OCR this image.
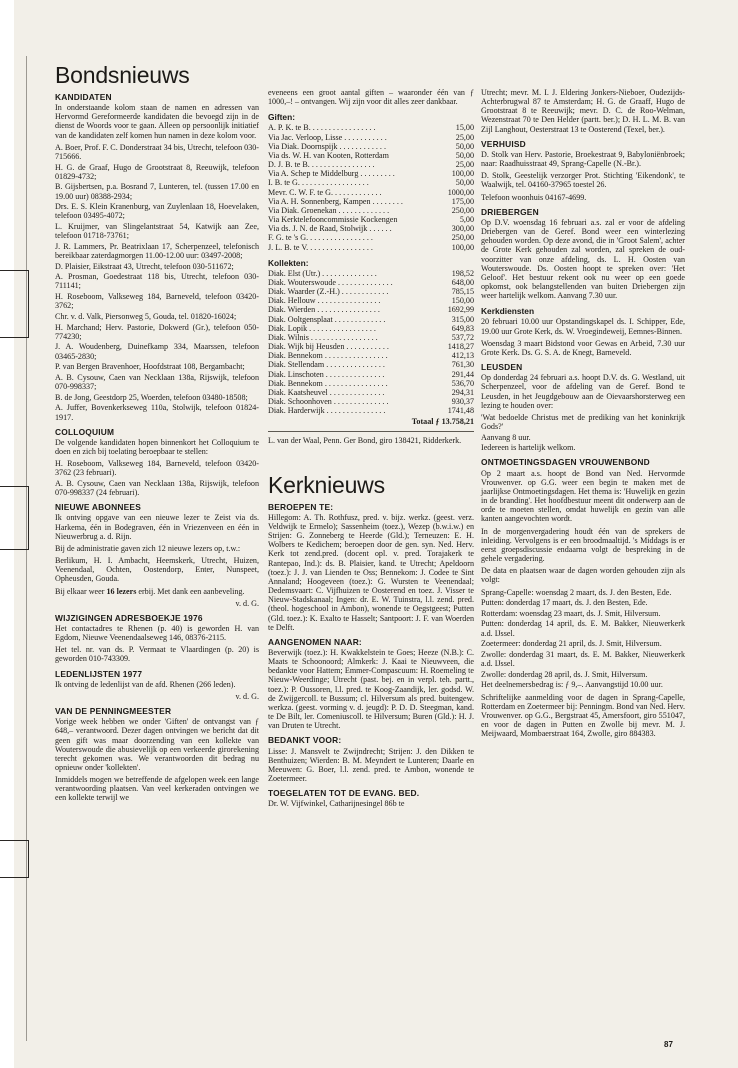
Bondsnieuws
KANDIDATEN

In onderstaande kolom staan de namen en adressen van Hervormd Gereformeerde kandidaten die bevoegd zijn in de dienst de Woords voor te gaan. Alleen op persoonlijk initiatief van de kandidaten zelf komen hun namen in deze kolom voor.

A. Boer, Prof. F. C. Donderstraat 34 bis, Utrecht, telefoon 030-715666.

H. G. de Graaf, Hugo de Grootstraat 8, Reeuwijk, telefoon 01829-4732;

B. Gijsbertsen, p.a. Bosrand 7, Lunteren, tel. (tussen 17.00 en 19.00 uur) 08388-2934;

Drs. E. S. Klein Kranenburg, van Zuylenlaan 18, Hoevelaken, telefoon 03495-4072;

L. Kruijmer, van Slingelantstraat 54, Katwijk aan Zee, telefoon 01718-73761;

J. R. Lammers, Pr. Beatrixlaan 17, Scherpenzeel, telefonisch bereikbaar zaterdagmorgen 11.00-12.00 uur: 03497-2008;

D. Plaisier, Eikstraat 43, Utrecht, telefoon 030-511672;

A. Prosman, Goedestraat 118 bis, Utrecht, telefoon 030-711141;

H. Roseboom, Valkseweg 184, Barneveld, telefoon 03420-3762;

Chr. v. d. Valk, Piersonweg 5, Gouda, tel. 01820-16024;

H. Marchand; Herv. Pastorie, Dokwerd (Gr.), telefoon 050-774230;

J. A. Woudenberg, Duinefkamp 334, Maarssen, telefoon 03465-2830;

P. van Bergen Bravenhoer, Hoofdstraat 108, Bergambacht;

A. B. Cysouw, Caen van Necklaan 138a, Rijswijk, telefoon 070-998337;

B. de Jong, Geestdorp 25, Woerden, telefoon 03480-18508;

A. Juffer, Bovenkerkseweg 110a, Stolwijk, telefoon 01824-1917.

COLLOQUIUM

De volgende kandidaten hopen binnenkort het Colloquium te doen en zich bij toelating beroepbaar te stellen:

H. Roseboom, Valkseweg 184, Barneveld, telefoon 03420-3762 (23 februari).

A. B. Cysouw, Caen van Necklaan 138a, Rijswijk, telefoon 070-998337 (24 februari).

NIEUWE ABONNEES

Ik ontving opgave van een nieuwe lezer te Zeist via ds. Harkema, één in Bodegraven, één in Vriezenveen en één in Nieuwerbrug a. d. Rijn.

Bij de administratie gaven zich 12 nieuwe lezers op, t.w.:

Berlikum, H. I. Ambacht, Heemskerk, Utrecht, Huizen, Veenendaal, Ochten, Oostendorp, Enter, Nunspeet, Opheusden, Gouda.

Bij elkaar weer 16 lezers erbij. Met dank een aanbeveling.

v. d. G.
WIJZIGINGEN ADRESBOEKJE 1976

Het contactadres te Rhenen (p. 40) is geworden H. van Egdom, Nieuwe Veenendaalseweg 146, 08376-2115.

Het tel. nr. van ds. P. Vermaat te Vlaardingen (p. 20) is geworden 010-743309.

LEDENLIJSTEN 1977

Ik ontving de ledenlijst van de afd. Rhenen (266 leden).

v. d. G.
VAN DE PENNINGMEESTER

Vorige week hebben we onder 'Giften' de ontvangst van ƒ 648,– verantwoord. Dezer dagen ontvingen we bericht dat dit geen gift was maar doorzending van een kollekte van Wouterswoude die abusievelijk op een verkeerde girorekening terecht gekomen was. We verantwoorden dit bedrag nu opnieuw onder 'kollekten'.

Inmiddels mogen we betreffende de afgelopen week een lange verantwoording plaatsen. Van veel kerkeraden ontvingen we een kollekte terwijl we

eveneens een groot aantal giften – waaronder één van ƒ 1000,–! – ontvangen. Wij zijn voor dit alles zeer dankbaar.

Giften:
A. P. K. te B. . . . . . . . . . . . . . . . .	15,00
Via Jac. Verloop, Lisse . . . . . . . . . . .	25,00
Via Diak. Doornspijk . . . . . . . . . . . .	50,00
Via ds. W. H. van Kooten, Rotterdam	50,00
D. J. B. te B. . . . . . . . . . . . . . . . .	25,00
Via A. Schep te Middelburg . . . . . . . . .	100,00
I. B. te G. . . . . . . . . . . . . . . . . .	50,00
Mevr. C. W. F. te G. . . . . . . . . . . . .	1000,00
Via A. H. Sonnenberg, Kampen . . . . . . . .	175,00
Via Diak. Groenekan . . . . . . . . . . . . .	250,00
Via Kerktelefooncommissie Kockengen	5,00
Via ds. J. N. de Raad, Stolwijk . . . . . .	300,00
F. G. te 's G. . . . . . . . . . . . . . . . .	250,00
J. L. B. te V. . . . . . . . . . . . . . . . .	100,00
Kollekten:
Diak. Elst (Utr.) . . . . . . . . . . . . . .	198,52
Diak. Wouterswoude . . . . . . . . . . . . . .	648,00
Diak. Waarder (Z.-H.) . . . . . . . . . . . .	785,15
Diak. Hellouw . . . . . . . . . . . . . . . .	150,00
Diak. Wierden . . . . . . . . . . . . . . . .	1692,99
Diak. Ooltgensplaat . . . . . . . . . . . . .	315,00
Diak. Lopik . . . . . . . . . . . . . . . . .	649,83
Diak. Wilnis . . . . . . . . . . . . . . . . .	537,72
Diak. Wijk bij Heusden . . . . . . . . . . .	1418,27
Diak. Bennekom . . . . . . . . . . . . . . . .	412,13
Diak. Stellendam . . . . . . . . . . . . . . .	761,30
Diak. Linschoten . . . . . . . . . . . . . . .	291,44
Diak. Bennekom . . . . . . . . . . . . . . . .	536,70
Diak. Kaatsheuvel . . . . . . . . . . . . . .	294,31
Diak. Schoonhoven . . . . . . . . . . . . . .	930,37
Diak. Harderwijk . . . . . . . . . . . . . . .	1741,48
Totaal ƒ 13.758,21

L. van der Waal, Penn. Ger Bond, giro 138421, Ridderkerk.

Kerknieuws
BEROEPEN TE:

Hillegom: A. Th. Rothfusz, pred. v. bijz. werkz. (geest. verz. Veldwijk te Ermelo); Sassenheim (toez.), Wezep (b.w.i.w.) en Strijen: G. Zonneberg te Heerde (Gld.); Terneuzen: E. H. Wolbers te Kedichem; beroepen door de gen. syn. Ned. Herv. Kerk tot zend.pred. (docent opl. v. pred. Torajakerk te Rantepao, Ind.): ds. B. Plaisier, kand. te Utrecht; Apeldoorn (toez.): J. J. van Lienden te Oss; Bennekom: J. Codee te Sint Annaland; Hoogeveen (toez.): G. Wursten te Veenendaal; Dedemsvaart: C. Vijfhuizen te Oosterend en toez. J. Visser te Nieuw-Stadskanaal; Ingen: dr. E. W. Tuinstra, l.l. zend. pred. (theol. hogeschool in Ambon), wonende te Oegstgeest; Putten (Gld. toez.): K. Exalto te Hasselt; Santpoort: J. F. van Woerden te Delft.

AANGENOMEN NAAR:

Beverwijk (toez.): H. Kwakkelstein te Goes; Heeze (N.B.): C. Maats te Schoonoord; Almkerk: J. Kaai te Nieuwveen, die bedankte voor Hattem; Emmer-Compascuum: H. Roemeling te Nieuw-Weerdinge; Utrecht (past. bej. en in verpl. teh. partt., toez.): P. Oussoren, l.l. pred. te Koog-Zaandijk, ler. godsd. W. de Zwijgercoll. te Bussum; cl. Hilversum als pred. buitengew. werkza. (geest. vorming v. d. jeugd): P. D. D. Steegman, kand. te De Bilt, ler. Comeniuscoll. te Hilversum; Buren (Gld.): H. J. van Druten te Utrecht.

BEDANKT VOOR:

Lisse: J. Mansvelt te Zwijndrecht; Strijen: J. den Dikken te Benthuizen; Wierden: B. M. Meyndert te Lunteren; Daarle en Meeuwen: G. Boer, l.l. zend. pred. te Ambon, wonende te Zoetermeer.

TOEGELATEN TOT DE EVANG. BED.

Dr. W. Vijfwinkel, Catharijnesingel 86b te

Utrecht; mevr. M. I. J. Eldering Jonkers-Nieboer, Oudezijds-Achterbrugwal 87 te Amsterdam; H. G. de Graaff, Hugo de Grootstraat 8 te Reeuwijk; mevr. D. C. de Roo-Welman, Wezenstraat 70 te Den Helder (partt. ber.); D. H. L. M. B. van Zijl Langhout, Oesterstraat 13 te Oosterend (Texel, ber.).

VERHUISD

D. Stolk van Herv. Pastorie, Broekestraat 9, Babyloniënbroek; naar: Raadhuisstraat 49, Sprang-Capelle (N.-Br.).

D. Stolk, Geestelijk verzorger Prot. Stichting 'Eikendonk', te Waalwijk, tel. 04160-37965 toestel 26.

Telefoon woonhuis 04167-4699.

DRIEBERGEN

Op D.V. woensdag 16 februari a.s. zal er voor de afdeling Driebergen van de Geref. Bond weer een winterlezing gehouden worden. Op deze avond, die in 'Groot Salem', achter de Grote Kerk gehouden zal worden, zal spreken de oud-voorzitter van onze afdeling, ds. L. H. Oosten van Wouterswoude. Ds. Oosten hoopt te spreken over: 'Het Geloof'. Het bestuur rekent ook nu weer op een goede opkomst, ook belangstellenden van buiten Driebergen zijn weer hartelijk welkom. Aanvang 7.30 uur.

Kerkdiensten

20 februari 10.00 uur Opstandingskapel ds. I. Schipper, Ede, 19.00 uur Grote Kerk, ds. W. Vroegindeweij, Eemnes-Binnen.

Woensdag 3 maart Bidstond voor Gewas en Arbeid, 7.30 uur Grote Kerk. Ds. G. S. A. de Knegt, Barneveld.

LEUSDEN

Op donderdag 24 februari a.s. hoopt D.V. ds. G. Westland, uit Scherpenzeel, voor de afdeling van de Geref. Bond te Leusden, in het Jeugdgebouw aan de Oievaarshorsterweg een lezing te houden over:

'Wat bedoelde Christus met de prediking van het koninkrijk Gods?'

Aanvang 8 uur.

Iedereen is hartelijk welkom.

ONTMOETINGSDAGEN VROUWENBOND

Op 2 maart a.s. hoopt de Bond van Ned. Hervormde Vrouwenver. op G.G. weer een begin te maken met de jaarlijkse Ontmoetingsdagen. Het thema is: 'Huwelijk en gezin in de branding'. Het hoofdbestuur meent dit onderwerp aan de orde te moeten stellen, omdat huwelijk en gezin van alle kanten aangevochten wordt.

In de morgenvergadering houdt één van de sprekers de inleiding. Vervolgens is er een broodmaaltijd. 's Middags is er eerst groepsdiscussie endaarna volgt de bespreking in de gehele vergadering.

De data en plaatsen waar de dagen worden gehouden zijn als volgt:

Sprang-Capelle: woensdag 2 maart, ds. J. den Besten, Ede.

Putten: donderdag 17 maart, ds. J. den Besten, Ede.

Rotterdam: woensdag 23 maart, ds. J. Smit, Hilversum.

Putten: donderdag 14 april, ds. E. M. Bakker, Nieuwerkerk a.d. IJssel.

Zoetermeer: donderdag 21 april, ds. J. Smit, Hilversum.

Zwolle: donderdag 31 maart, ds. E. M. Bakker, Nieuwerkerk a.d. IJssel.

Zwolle: donderdag 28 april, ds. J. Smit, Hilversum.

Het deelnemersbedrag is: ƒ 9,–. Aanvangstijd 10.00 uur.

Schriftelijke aanmelding voor de dagen in Sprang-Capelle, Rotterdam en Zoetermeer bij: Penningm. Bond van Ned. Herv. Vrouwenver. op G.G., Bergstraat 45, Amersfoort, giro 551047, en voor de dagen in Putten en Zwolle bij mevr. M. J. Meijwaard, Mombaerstraat 164, Zwolle, giro 884383.

87
